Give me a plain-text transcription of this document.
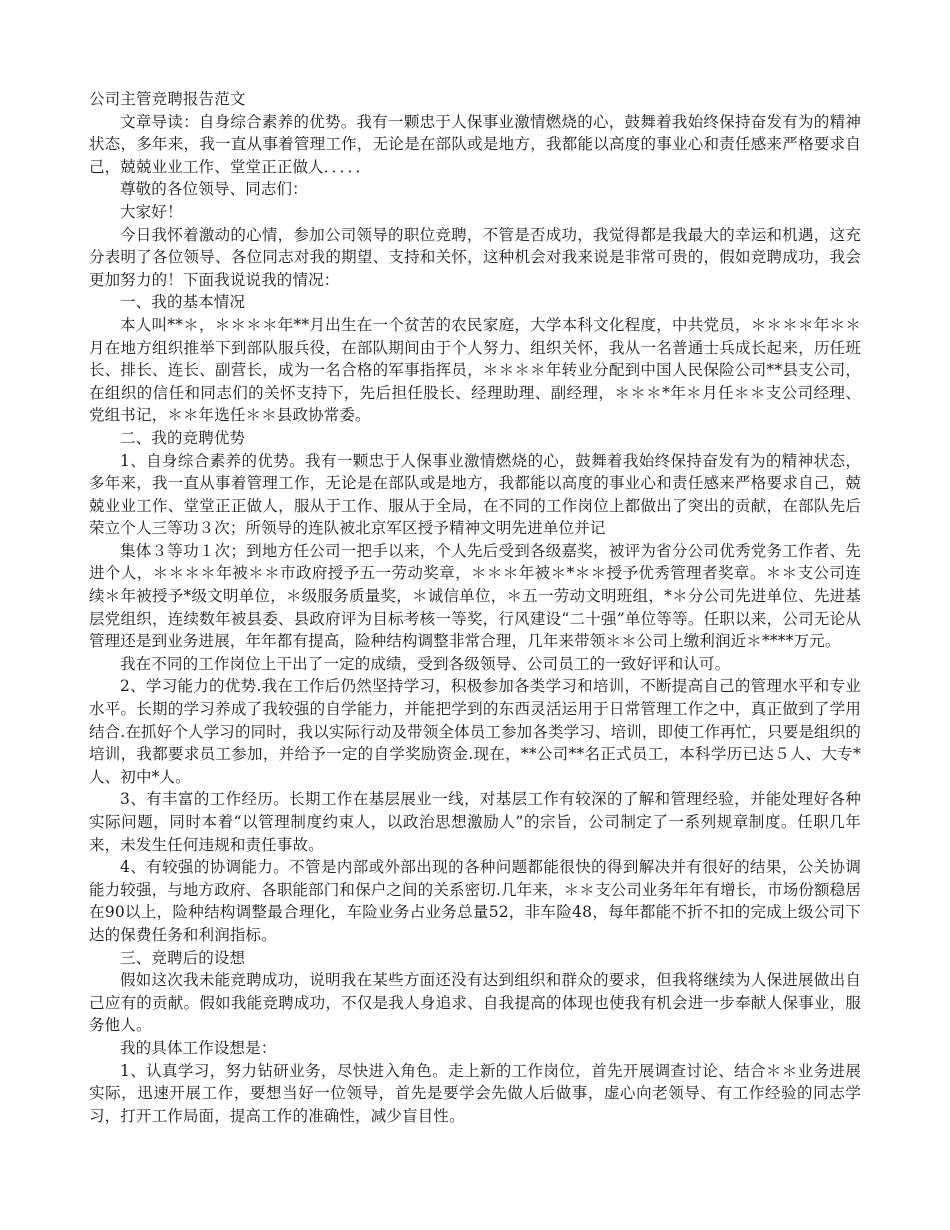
公司主管竞聘报告范文

文章导读：自身综合素养的优势。我有一颗忠于人保事业激情燃烧的心，鼓舞着我始终保持奋发有为的精神状态，多年来，我一直从事着管理工作，无论是在部队或是地方，我都能以高度的事业心和责任感来严格要求自己，兢兢业业工作、堂堂正正做人．．．．．

尊敬的各位领导、同志们：

大家好！

今日我怀着激动的心情，参加公司领导的职位竞聘，不管是否成功，我觉得都是我最大的幸运和机遇，这充分表明了各位领导、各位同志对我的期望、支持和关怀，这种机会对我来说是非常可贵的，假如竞聘成功，我会更加努力的！下面我说说我的情况：

一、我的基本情况

本人叫**＊，＊＊＊＊年**月出生在一个贫苦的农民家庭，大学本科文化程度，中共党员，＊＊＊＊年＊＊月在地方组织推举下到部队服兵役，在部队期间由于个人努力、组织关怀，我从一名普通士兵成长起来，历任班长、排长、连长、副营长，成为一名合格的军事指挥员，＊＊＊＊年转业分配到中国人民保险公司**县支公司，在组织的信任和同志们的关怀支持下，先后担任股长、经理助理、副经理，＊＊＊*年＊月任＊＊支公司经理、党组书记，＊＊年选任＊＊县政协常委。

二、我的竞聘优势

1、自身综合素养的优势。我有一颗忠于人保事业激情燃烧的心，鼓舞着我始终保持奋发有为的精神状态，多年来，我一直从事着管理工作，无论是在部队或是地方，我都能以高度的事业心和责任感来严格要求自己，兢兢业业工作、堂堂正正做人，服从于工作、服从于全局，在不同的工作岗位上都做出了突出的贡献，在部队先后荣立个人三等功３次；所领导的连队被北京军区授予精神文明先进单位并记

集体３等功１次；到地方任公司一把手以来，个人先后受到各级嘉奖，被评为省分公司优秀党务工作者、先进个人，＊＊＊＊年被＊＊市政府授予五一劳动奖章，＊＊＊年被＊*＊＊授予优秀管理者奖章。＊＊支公司连续＊年被授予*级文明单位，＊级服务质量奖，＊诚信单位，＊五一劳动文明班组，*＊分公司先进单位、先进基层党组织，连续数年被县委、县政府评为目标考核一等奖，行风建设“二十强”单位等等。任职以来，公司无论从管理还是到业务进展，年年都有提高，险种结构调整非常合理，几年来带领＊＊公司上缴利润近＊****万元。

我在不同的工作岗位上干出了一定的成绩，受到各级领导、公司员工的一致好评和认可。

2、学习能力的优势.我在工作后仍然坚持学习，积极参加各类学习和培训，不断提高自己的管理水平和专业水平。长期的学习养成了我较强的自学能力，并能把学到的东西灵活运用于日常管理工作之中，真正做到了学用结合.在抓好个人学习的同时，我以实际行动及带领全体员工参加各类学习、培训，即使工作再忙，只要是组织的培训，我都要求员工参加，并给予一定的自学奖励资金.现在，**公司**名正式员工，本科学历已达５人、大专*人、初中*人。

3、有丰富的工作经历。长期工作在基层展业一线，对基层工作有较深的了解和管理经验，并能处理好各种实际问题，同时本着“以管理制度约束人，以政治思想激励人”的宗旨，公司制定了一系列规章制度。任职几年来，未发生任何违规和责任事故。

4、有较强的协调能力。不管是内部或外部出现的各种问题都能很快的得到解决并有很好的结果，公关协调能力较强，与地方政府、各职能部门和保户之间的关系密切.几年来，＊＊支公司业务年年有增长，市场份额稳居在90以上，险种结构调整最合理化，车险业务占业务总量52，非车险48，每年都能不折不扣的完成上级公司下达的保费任务和利润指标。

三、竞聘后的设想

假如这次我未能竞聘成功，说明我在某些方面还没有达到组织和群众的要求，但我将继续为人保进展做出自己应有的贡献。假如我能竞聘成功，不仅是我人身追求、自我提高的体现也使我有机会进一步奉献人保事业，服务他人。

我的具体工作设想是：

1、认真学习，努力钻研业务，尽快进入角色。走上新的工作岗位，首先开展调查讨论、结合＊＊业务进展实际，迅速开展工作，要想当好一位领导，首先是要学会先做人后做事，虚心向老领导、有工作经验的同志学习，打开工作局面，提高工作的准确性，减少盲目性。
